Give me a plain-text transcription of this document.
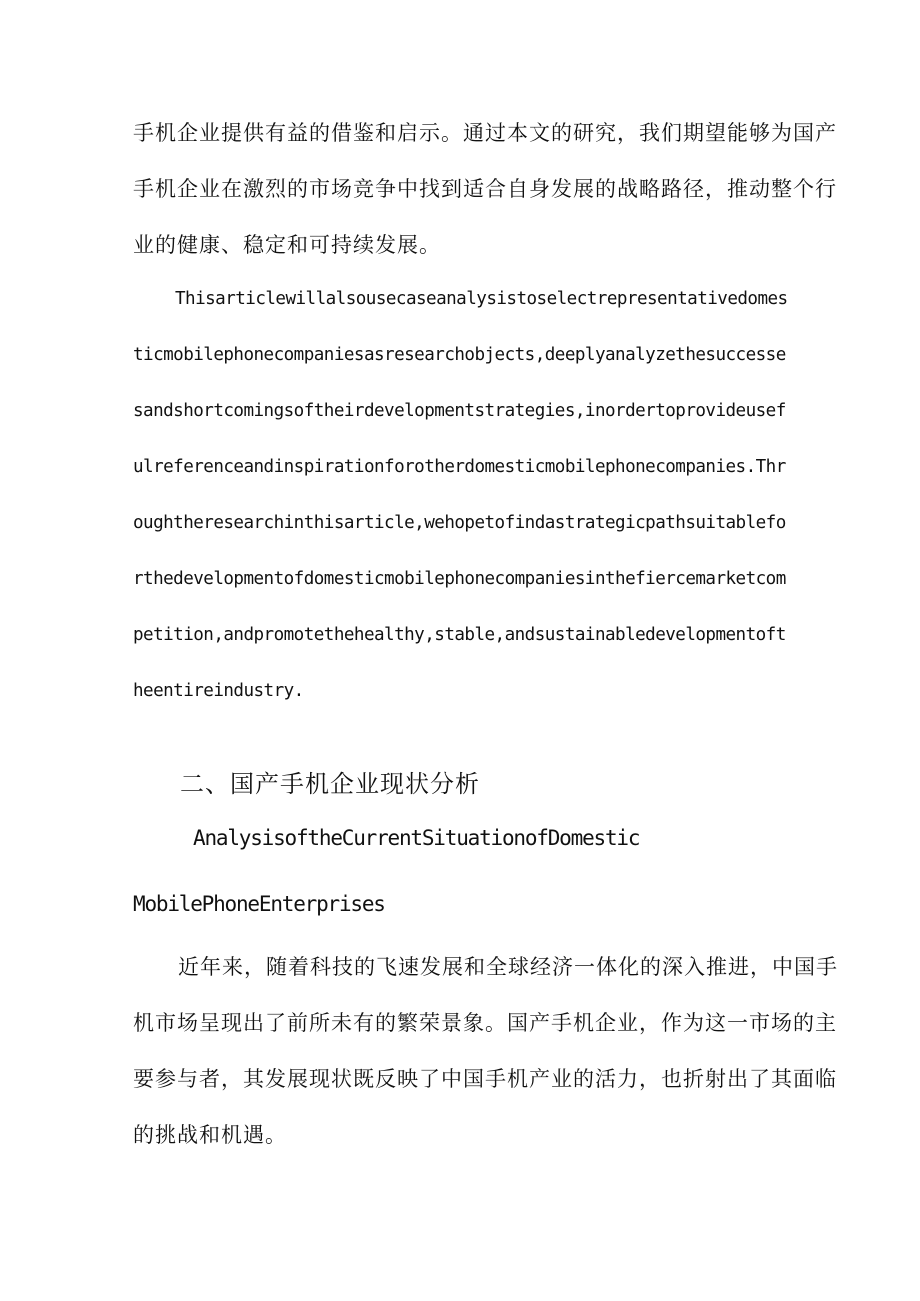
手机企业提供有益的借鉴和启示。通过本文的研究，我们期望能够为国产

手机企业在激烈的市场竞争中找到适合自身发展的战略路径，推动整个行

业的健康、稳定和可持续发展。

Thisarticlewillalsousecaseanalysistoselectrepresentativedomes

ticmobilephonecompaniesasresearchobjects,deeplyanalyzethesuccesse

sandshortcomingsoftheirdevelopmentstrategies,inordertoprovideusef

ulreferenceandinspirationforotherdomesticmobilephonecompanies.Thr

oughtheresearchinthisarticle,wehopetofindastrategicpathsuitablefo

rthedevelopmentofdomesticmobilephonecompaniesinthefiercemarketcom

petition,andpromotethehealthy,stable,andsustainabledevelopmentoft

heentireindustry.

二、国产手机企业现状分析

AnalysisoftheCurrentSituationofDomestic

MobilePhoneEnterprises

近年来，随着科技的飞速发展和全球经济一体化的深入推进，中国手

机市场呈现出了前所未有的繁荣景象。国产手机企业，作为这一市场的主

要参与者，其发展现状既反映了中国手机产业的活力，也折射出了其面临

的挑战和机遇。
